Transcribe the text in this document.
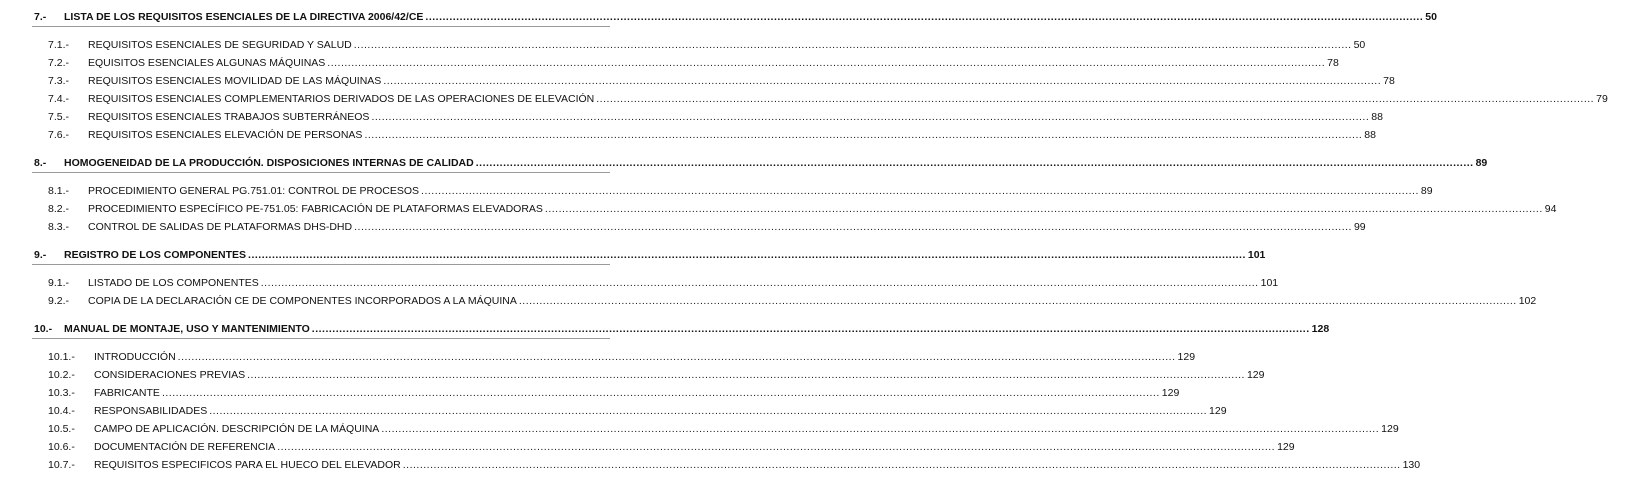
7.-	LISTA DE LOS REQUISITOS ESENCIALES DE LA DIRECTIVA 2006/42/CE .....	50
7.1.-	REQUISITOS ESENCIALES DE SEGURIDAD Y SALUD .....	50
7.2.-	EQUISITOS ESENCIALES ALGUNAS MÁQUINAS .....	78
7.3.-	REQUISITOS ESENCIALES MOVILIDAD DE LAS MÁQUINAS .....	78
7.4.-	REQUISITOS ESENCIALES COMPLEMENTARIOS DERIVADOS DE LAS OPERACIONES DE ELEVACIÓN .....	79
7.5.-	REQUISITOS ESENCIALES TRABAJOS SUBTERRÁNEOS .....	88
7.6.-	REQUISITOS ESENCIALES ELEVACIÓN DE PERSONAS .....	88
8.-	HOMOGENEIDAD DE LA PRODUCCIÓN. DISPOSICIONES INTERNAS DE CALIDAD .....	89
8.1.-	PROCEDIMIENTO GENERAL PG.751.01: CONTROL DE PROCESOS .....	89
8.2.-	PROCEDIMIENTO ESPECÍFICO PE-751.05: FABRICACIÓN DE PLATAFORMAS ELEVADORAS .....	94
8.3.-	CONTROL DE SALIDAS DE PLATAFORMAS DHS-DHD .....	99
9.-	REGISTRO DE LOS COMPONENTES .....	101
9.1.-	LISTADO DE LOS COMPONENTES .....	101
9.2.-	COPIA DE LA DECLARACIÓN CE DE COMPONENTES INCORPORADOS A LA MÁQUINA .....	102
10.-	MANUAL DE MONTAJE, USO Y MANTENIMIENTO .....	128
10.1.-	INTRODUCCIÓN .....	129
10.2.-	CONSIDERACIONES PREVIAS .....	129
10.3.-	FABRICANTE .....	129
10.4.-	RESPONSABILIDADES .....	129
10.5.-	CAMPO DE APLICACIÓN. DESCRIPCIÓN DE LA MÁQUINA .....	129
10.6.-	DOCUMENTACIÓN DE REFERENCIA .....	129
10.7.-	REQUISITOS ESPECIFICOS PARA EL HUECO DEL ELEVADOR .....	130
